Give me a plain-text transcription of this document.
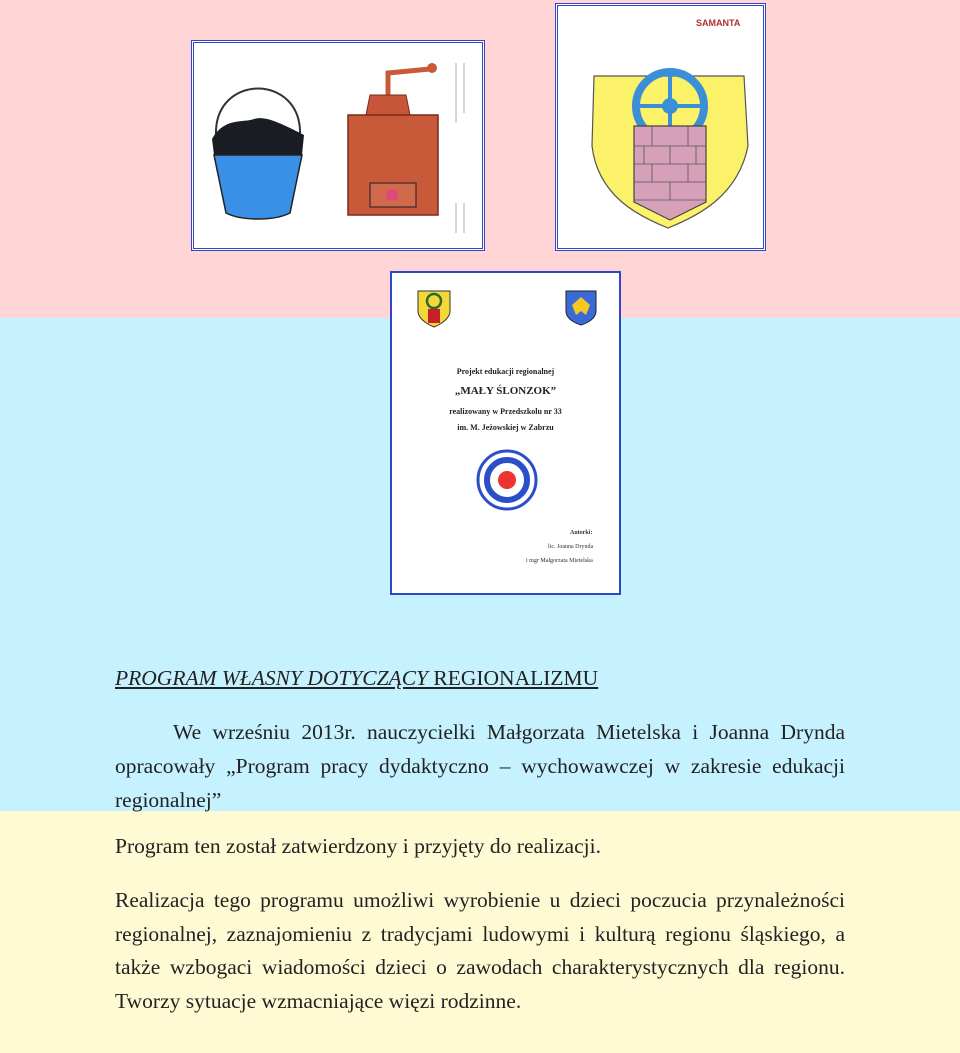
SAMANTA
Projekt edukacji regionalnej
„MAŁY ŚLONZOK”
realizowany w Przedszkolu nr 33
im. M. Jeżowskiej w Zabrzu
Autorki:
lic. Joanna Drynda
i mgr Małgorzata Mietelska
PROGRAM WŁASNY DOTYCZĄCY REGIONALIZMU
We wrześniu 2013r. nauczycielki Małgorzata Mietelska i Joanna Drynda opracowały „Program pracy dydaktyczno – wychowawczej w zakresie edukacji regionalnej”
Program ten został zatwierdzony i przyjęty do realizacji.
Realizacja tego programu umożliwi wyrobienie u dzieci poczucia przynależności regionalnej, zaznajomieniu z tradycjami ludowymi i kulturą regionu śląskiego, a także wzbogaci wiadomości dzieci o zawodach charakterystycznych dla regionu. Tworzy sytuacje wzmacniające więzi rodzinne.
